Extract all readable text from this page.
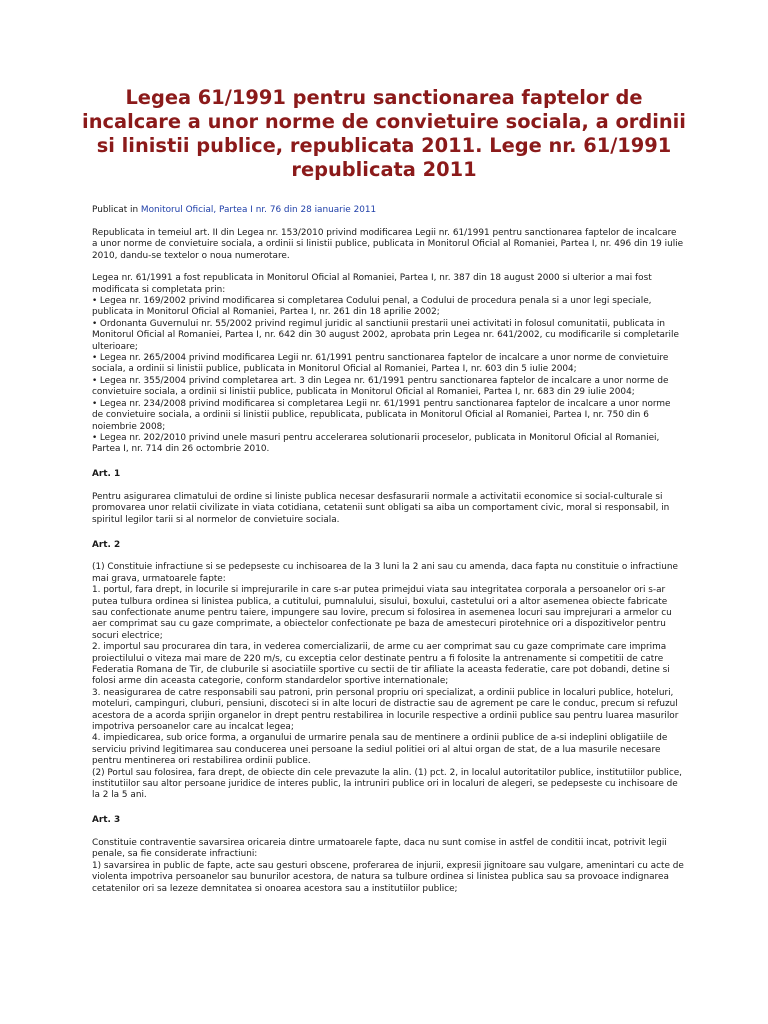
Legea 61/1991 pentru sanctionarea faptelor de incalcare a unor norme de convietuire sociala, a ordinii si linistii publice, republicata 2011. Lege nr. 61/1991 republicata 2011

Publicat in Monitorul Oficial, Partea I nr. 76 din 28 ianuarie 2011

Republicata in temeiul art. II din Legea nr. 153/2010 privind modificarea Legii nr. 61/1991 pentru sanctionarea faptelor de incalcare a unor norme de convietuire sociala, a ordinii si linistii publice, publicata in Monitorul Oficial al Romaniei, Partea I, nr. 496 din 19 iulie 2010, dandu-se textelor o noua numerotare.

Legea nr. 61/1991 a fost republicata in Monitorul Oficial al Romaniei, Partea I, nr. 387 din 18 august 2000 si ulterior a mai fost modificata si completata prin:

• Legea nr. 169/2002 privind modificarea si completarea Codului penal, a Codului de procedura penala si a unor legi speciale, publicata in Monitorul Oficial al Romaniei, Partea I, nr. 261 din 18 aprilie 2002;
• Ordonanta Guvernului nr. 55/2002 privind regimul juridic al sanctiunii prestarii unei activitati in folosul comunitatii, publicata in Monitorul Oficial al Romaniei, Partea I, nr. 642 din 30 august 2002, aprobata prin Legea nr. 641/2002, cu modificarile si completarile ulterioare;
• Legea nr. 265/2004 privind modificarea Legii nr. 61/1991 pentru sanctionarea faptelor de incalcare a unor norme de convietuire sociala, a ordinii si linistii publice, publicata in Monitorul Oficial al Romaniei, Partea I, nr. 603 din 5 iulie 2004;
• Legea nr. 355/2004 privind completarea art. 3 din Legea nr. 61/1991 pentru sanctionarea faptelor de incalcare a unor norme de convietuire sociala, a ordinii si linistii publice, publicata in Monitorul Oficial al Romaniei, Partea I, nr. 683 din 29 iulie 2004;
• Legea nr. 234/2008 privind modificarea si completarea Legii nr. 61/1991 pentru sanctionarea faptelor de incalcare a unor norme de convietuire sociala, a ordinii si linistii publice, republicata, publicata in Monitorul Oficial al Romaniei, Partea I, nr. 750 din 6 noiembrie 2008;
• Legea nr. 202/2010 privind unele masuri pentru accelerarea solutionarii proceselor, publicata in Monitorul Oficial al Romaniei, Partea I, nr. 714 din 26 octombrie 2010.

Art. 1

Pentru asigurarea climatului de ordine si liniste publica necesar desfasurarii normale a activitatii economice si social-culturale si promovarea unor relatii civilizate in viata cotidiana, cetatenii sunt obligati sa aiba un comportament civic, moral si responsabil, in spiritul legilor tarii si al normelor de convietuire sociala.

Art. 2

(1) Constituie infractiune si se pedepseste cu inchisoarea de la 3 luni la 2 ani sau cu amenda, daca fapta nu constituie o infractiune mai grava, urmatoarele fapte:

1. portul, fara drept, in locurile si imprejurarile in care s-ar putea primejdui viata sau integritatea corporala a persoanelor ori s-ar putea tulbura ordinea si linistea publica, a cutitului, pumnalului, sisului, boxului, castetului ori a altor asemenea obiecte fabricate sau confectionate anume pentru taiere, impungere sau lovire, precum si folosirea in asemenea locuri sau imprejurari a armelor cu aer comprimat sau cu gaze comprimate, a obiectelor confectionate pe baza de amestecuri pirotehnice ori a dispozitivelor pentru socuri electrice;

2. importul sau procurarea din tara, in vederea comercializarii, de arme cu aer comprimat sau cu gaze comprimate care imprima proiectilului o viteza mai mare de 220 m/s, cu exceptia celor destinate pentru a fi folosite la antrenamente si competitii de catre Federatia Romana de Tir, de cluburile si asociatiile sportive cu sectii de tir afiliate la aceasta federatie, care pot dobandi, detine si folosi arme din aceasta categorie, conform standardelor sportive internationale;

3. neasigurarea de catre responsabili sau patroni, prin personal propriu ori specializat, a ordinii publice in localuri publice, hoteluri, moteluri, campinguri, cluburi, pensiuni, discoteci si in alte locuri de distractie sau de agrement pe care le conduc, precum si refuzul acestora de a acorda sprijin organelor in drept pentru restabilirea in locurile respective a ordinii publice sau pentru luarea masurilor impotriva persoanelor care au incalcat legea;

4. impiedicarea, sub orice forma, a organului de urmarire penala sau de mentinere a ordinii publice de a-si indeplini obligatiile de serviciu privind legitimarea sau conducerea unei persoane la sediul politiei ori al altui organ de stat, de a lua masurile necesare pentru mentinerea ori restabilirea ordinii publice.

(2) Portul sau folosirea, fara drept, de obiecte din cele prevazute la alin. (1) pct. 2, in localul autoritatilor publice, institutiilor publice, institutiilor sau altor persoane juridice de interes public, la intruniri publice ori in localuri de alegeri, se pedepseste cu inchisoare de la 2 la 5 ani.

Art. 3

Constituie contraventie savarsirea oricareia dintre urmatoarele fapte, daca nu sunt comise in astfel de conditii incat, potrivit legii penale, sa fie considerate infractiuni:

1) savarsirea in public de fapte, acte sau gesturi obscene, proferarea de injurii, expresii jignitoare sau vulgare, amenintari cu acte de violenta impotriva persoanelor sau bunurilor acestora, de natura sa tulbure ordinea si linistea publica sau sa provoace indignarea cetatenilor ori sa lezeze demnitatea si onoarea acestora sau a institutiilor publice;
